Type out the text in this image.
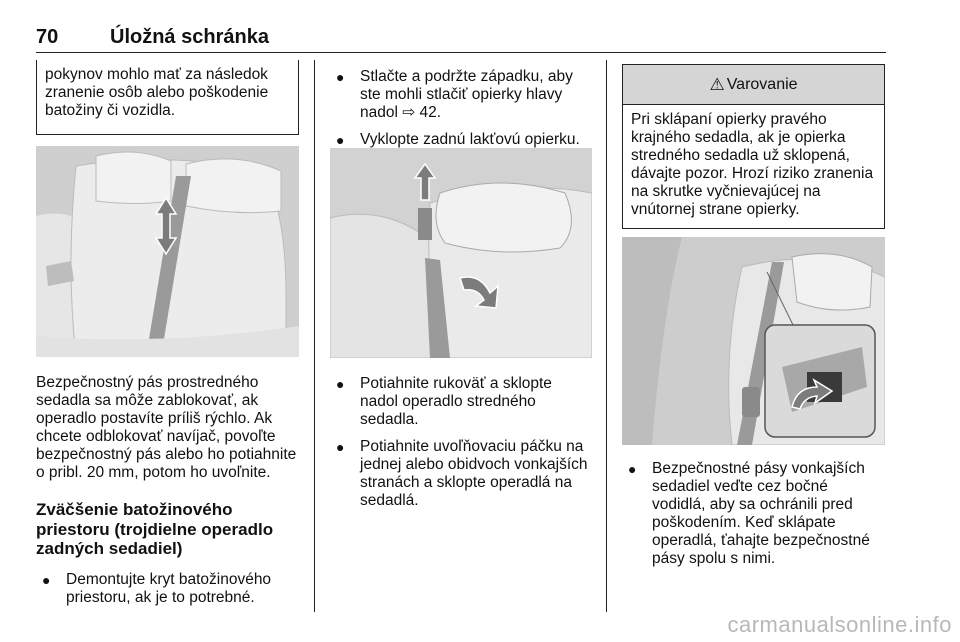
70	Úložná schránka
pokynov mohlo mať za následok zranenie osôb alebo poškodenie batožiny či vozidla.

Bezpečnostný pás prostredného sedadla sa môže zablokovať, ak operadlo postavíte príliš rýchlo. Ak chcete odblokovať navíjač, povoľte bezpečnostný pás alebo ho potiahnite o pribl. 20 mm, potom ho uvoľnite.

Zväčšenie batožinového priestoru (trojdielne operadlo zadných sedadiel)
● Demontujte kryt batožinového priestoru, ak je to potrebné.
● Stlačte a podržte západku, aby ste mohli stlačiť opierky hlavy nadol ⇨ 42.
● Vyklopte zadnú lakťovú opierku.
● Potiahnite rukoväť a sklopte nadol operadlo stredného sedadla.
● Potiahnite uvoľňovaciu páčku na jednej alebo obidvoch vonkajších stranách a sklopte operadlá na sedadlá.
⚠ Varovanie
Pri sklápaní opierky pravého krajného sedadla, ak je opierka stredného sedadla už sklopená, dávajte pozor. Hrozí riziko zranenia na skrutke vyčnievajúcej na vnútornej strane opierky.
● Bezpečnostné pásy vonkajších sedadiel veďte cez bočné vodidlá, aby sa ochránili pred poškodením. Keď sklápate operadlá, ťahajte bezpečnostné pásy spolu s nimi.
carmanualsonline.info
